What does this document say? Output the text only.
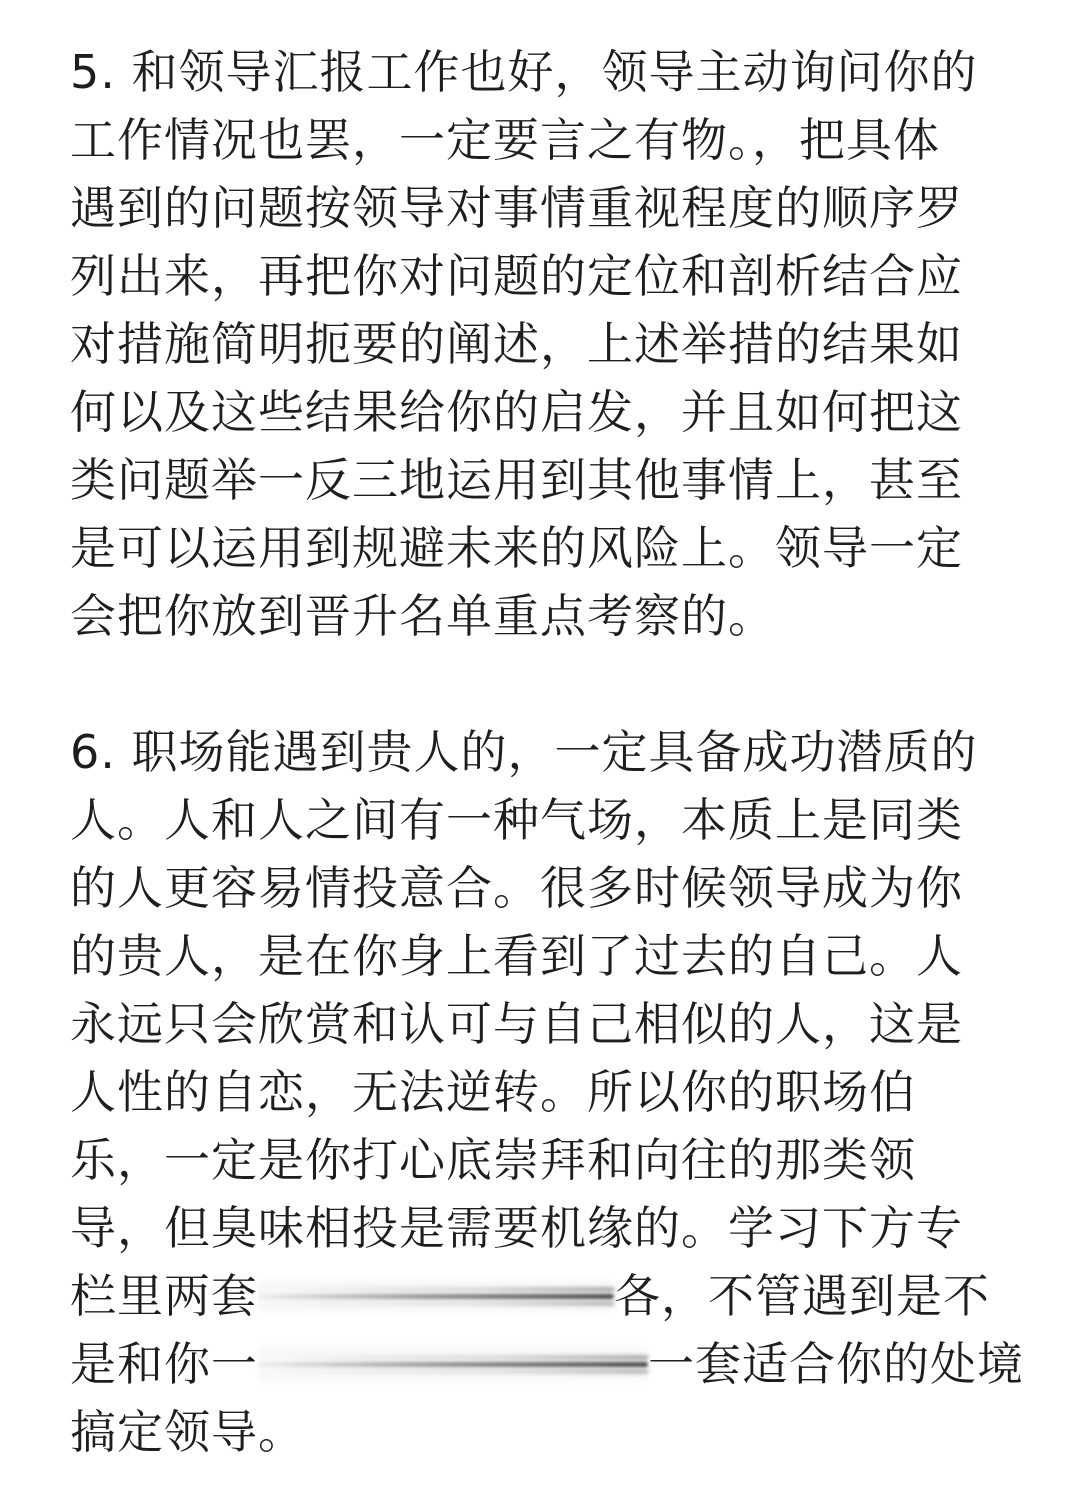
5. 和领导汇报工作也好，领导主动询问你的
工作情况也罢，一定要言之有物。，把具体
遇到的问题按领导对事情重视程度的顺序罗
列出来，再把你对问题的定位和剖析结合应
对措施简明扼要的阐述，上述举措的结果如
何以及这些结果给你的启发，并且如何把这
类问题举一反三地运用到其他事情上，甚至
是可以运用到规避未来的风险上。领导一定
会把你放到晋升名单重点考察的。
6. 职场能遇到贵人的，一定具备成功潜质的
人。人和人之间有一种气场，本质上是同类
的人更容易情投意合。很多时候领导成为你
的贵人，是在你身上看到了过去的自己。人
永远只会欣赏和认可与自己相似的人，这是
人性的自恋，无法逆转。所以你的职场伯
乐，一定是你打心底崇拜和向往的那类领
导，但臭味相投是需要机缘的。学习下方专
栏里两套	各，不管遇到是不
是和你一	一套适合你的处境
搞定领导。
